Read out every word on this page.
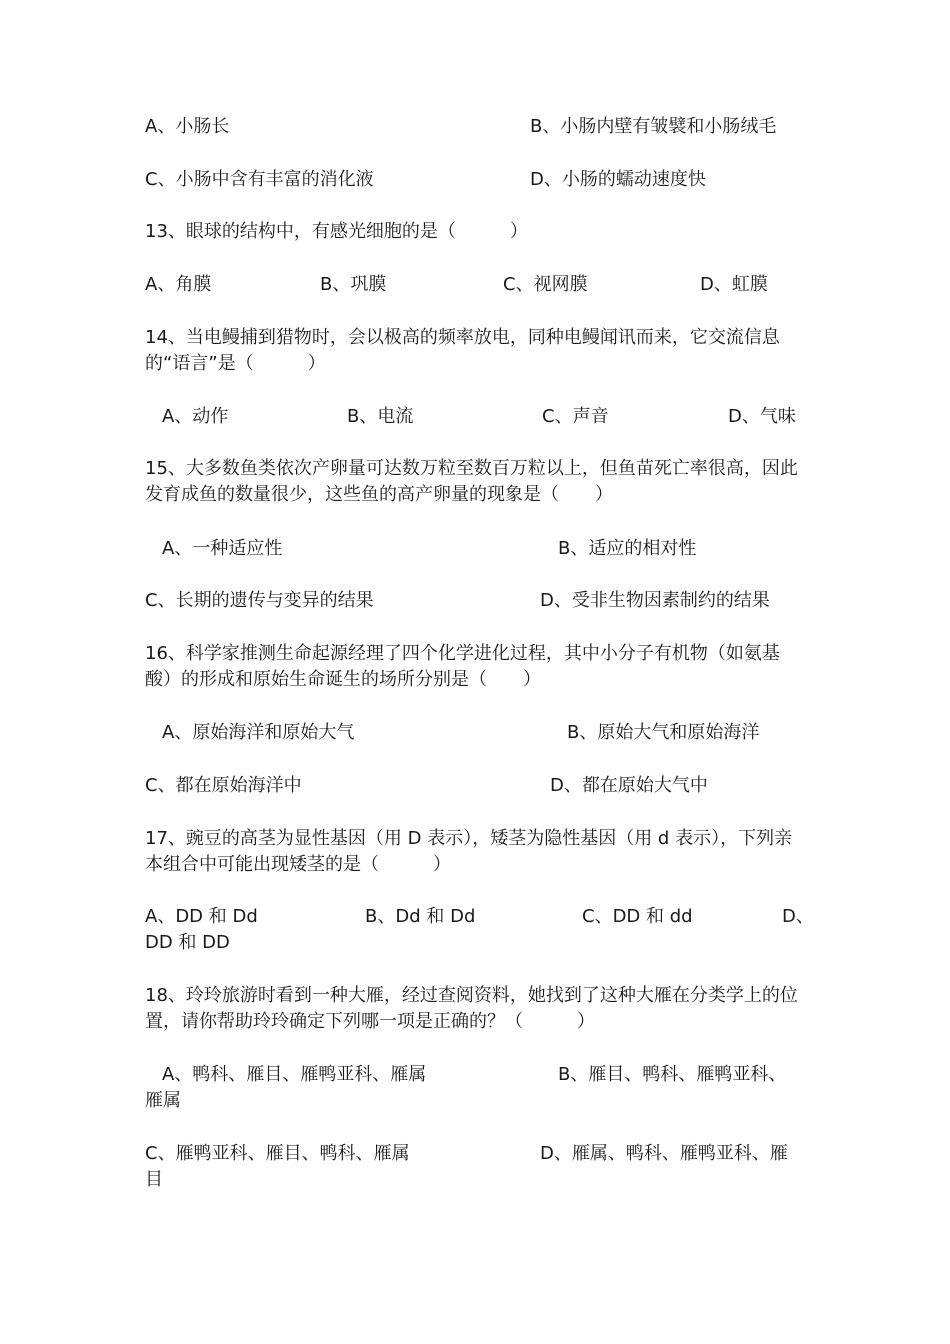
A、小肠长	B、小肠内壁有皱襞和小肠绒毛
C、小肠中含有丰富的消化液	D、小肠的蠕动速度快
13、眼球的结构中，有感光细胞的是（　　　）
A、角膜	B、巩膜	C、视网膜	D、虹膜
14、当电鳗捕到猎物时，会以极高的频率放电，同种电鳗闻讯而来，它交流信息的“语言”是（　　　）
A、动作	B、电流	C、声音	D、气味
15、大多数鱼类依次产卵量可达数万粒至数百万粒以上，但鱼苗死亡率很高，因此发育成鱼的数量很少，这些鱼的高产卵量的现象是（　　）
A、一种适应性	B、适应的相对性
C、长期的遗传与变异的结果	D、受非生物因素制约的结果
16、科学家推测生命起源经理了四个化学进化过程，其中小分子有机物（如氨基酸）的形成和原始生命诞生的场所分别是（　　）
A、原始海洋和原始大气	B、原始大气和原始海洋
C、都在原始海洋中	D、都在原始大气中
17、豌豆的高茎为显性基因（用 D 表示），矮茎为隐性基因（用 d 表示），下列亲本组合中可能出现矮茎的是（　　　）
A、DD 和 Dd	B、Dd 和 Dd	C、DD 和 dd	D、
DD 和 DD
18、玲玲旅游时看到一种大雁，经过查阅资料，她找到了这种大雁在分类学上的位置，请你帮助玲玲确定下列哪一项是正确的？（　　　）
A、鸭科、雁目、雁鸭亚科、雁属	B、雁目、鸭科、雁鸭亚科、
雁属
C、雁鸭亚科、雁目、鸭科、雁属	D、雁属、鸭科、雁鸭亚科、雁
目
